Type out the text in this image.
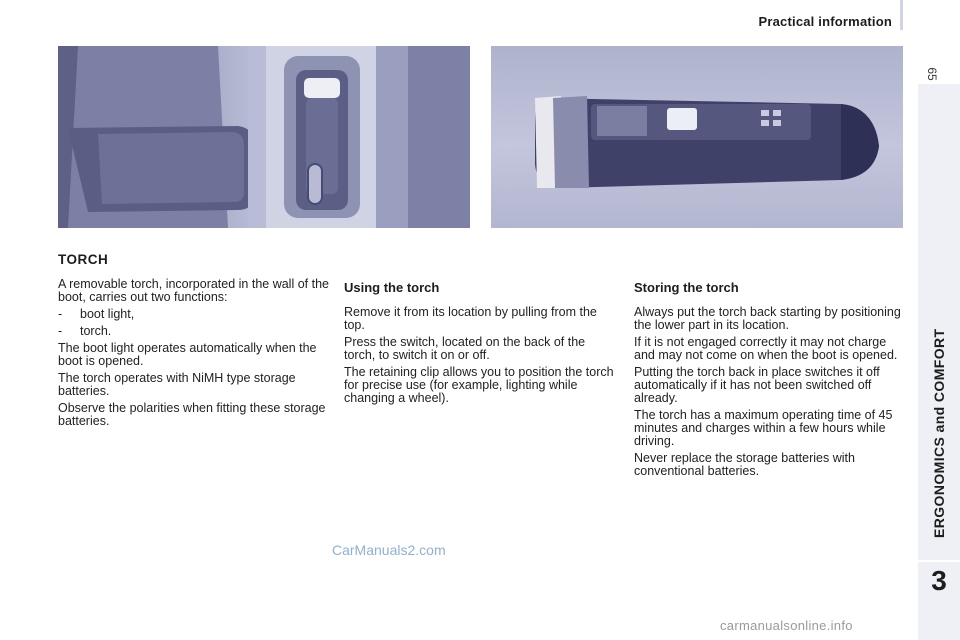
Practical information
65
ERGONOMICS and COMFORT
3
TORCH

A removable torch, incorporated in the wall of the boot, carries out two functions:

-	boot light,
-	torch.

The boot light operates automatically when the boot is opened.

The torch operates with NiMH type storage batteries.

Observe the polarities when fitting these storage batteries.

Using the torch

Remove it from its location by pulling from the top.

Press the switch, located on the back of the torch, to switch it on or off.

The retaining clip allows you to position the torch for precise use (for example, lighting while changing a wheel).

Storing the torch

Always put the torch back starting by positioning the lower part in its location.

If it is not engaged correctly it may not charge and may not come on when the boot is opened.

Putting the torch back in place switches it off automatically if it has not been switched off already.

The torch has a maximum operating time of 45 minutes and charges within a few hours while driving.

Never replace the storage batteries with conventional batteries.

CarManuals2.com
carmanualsonline.info
